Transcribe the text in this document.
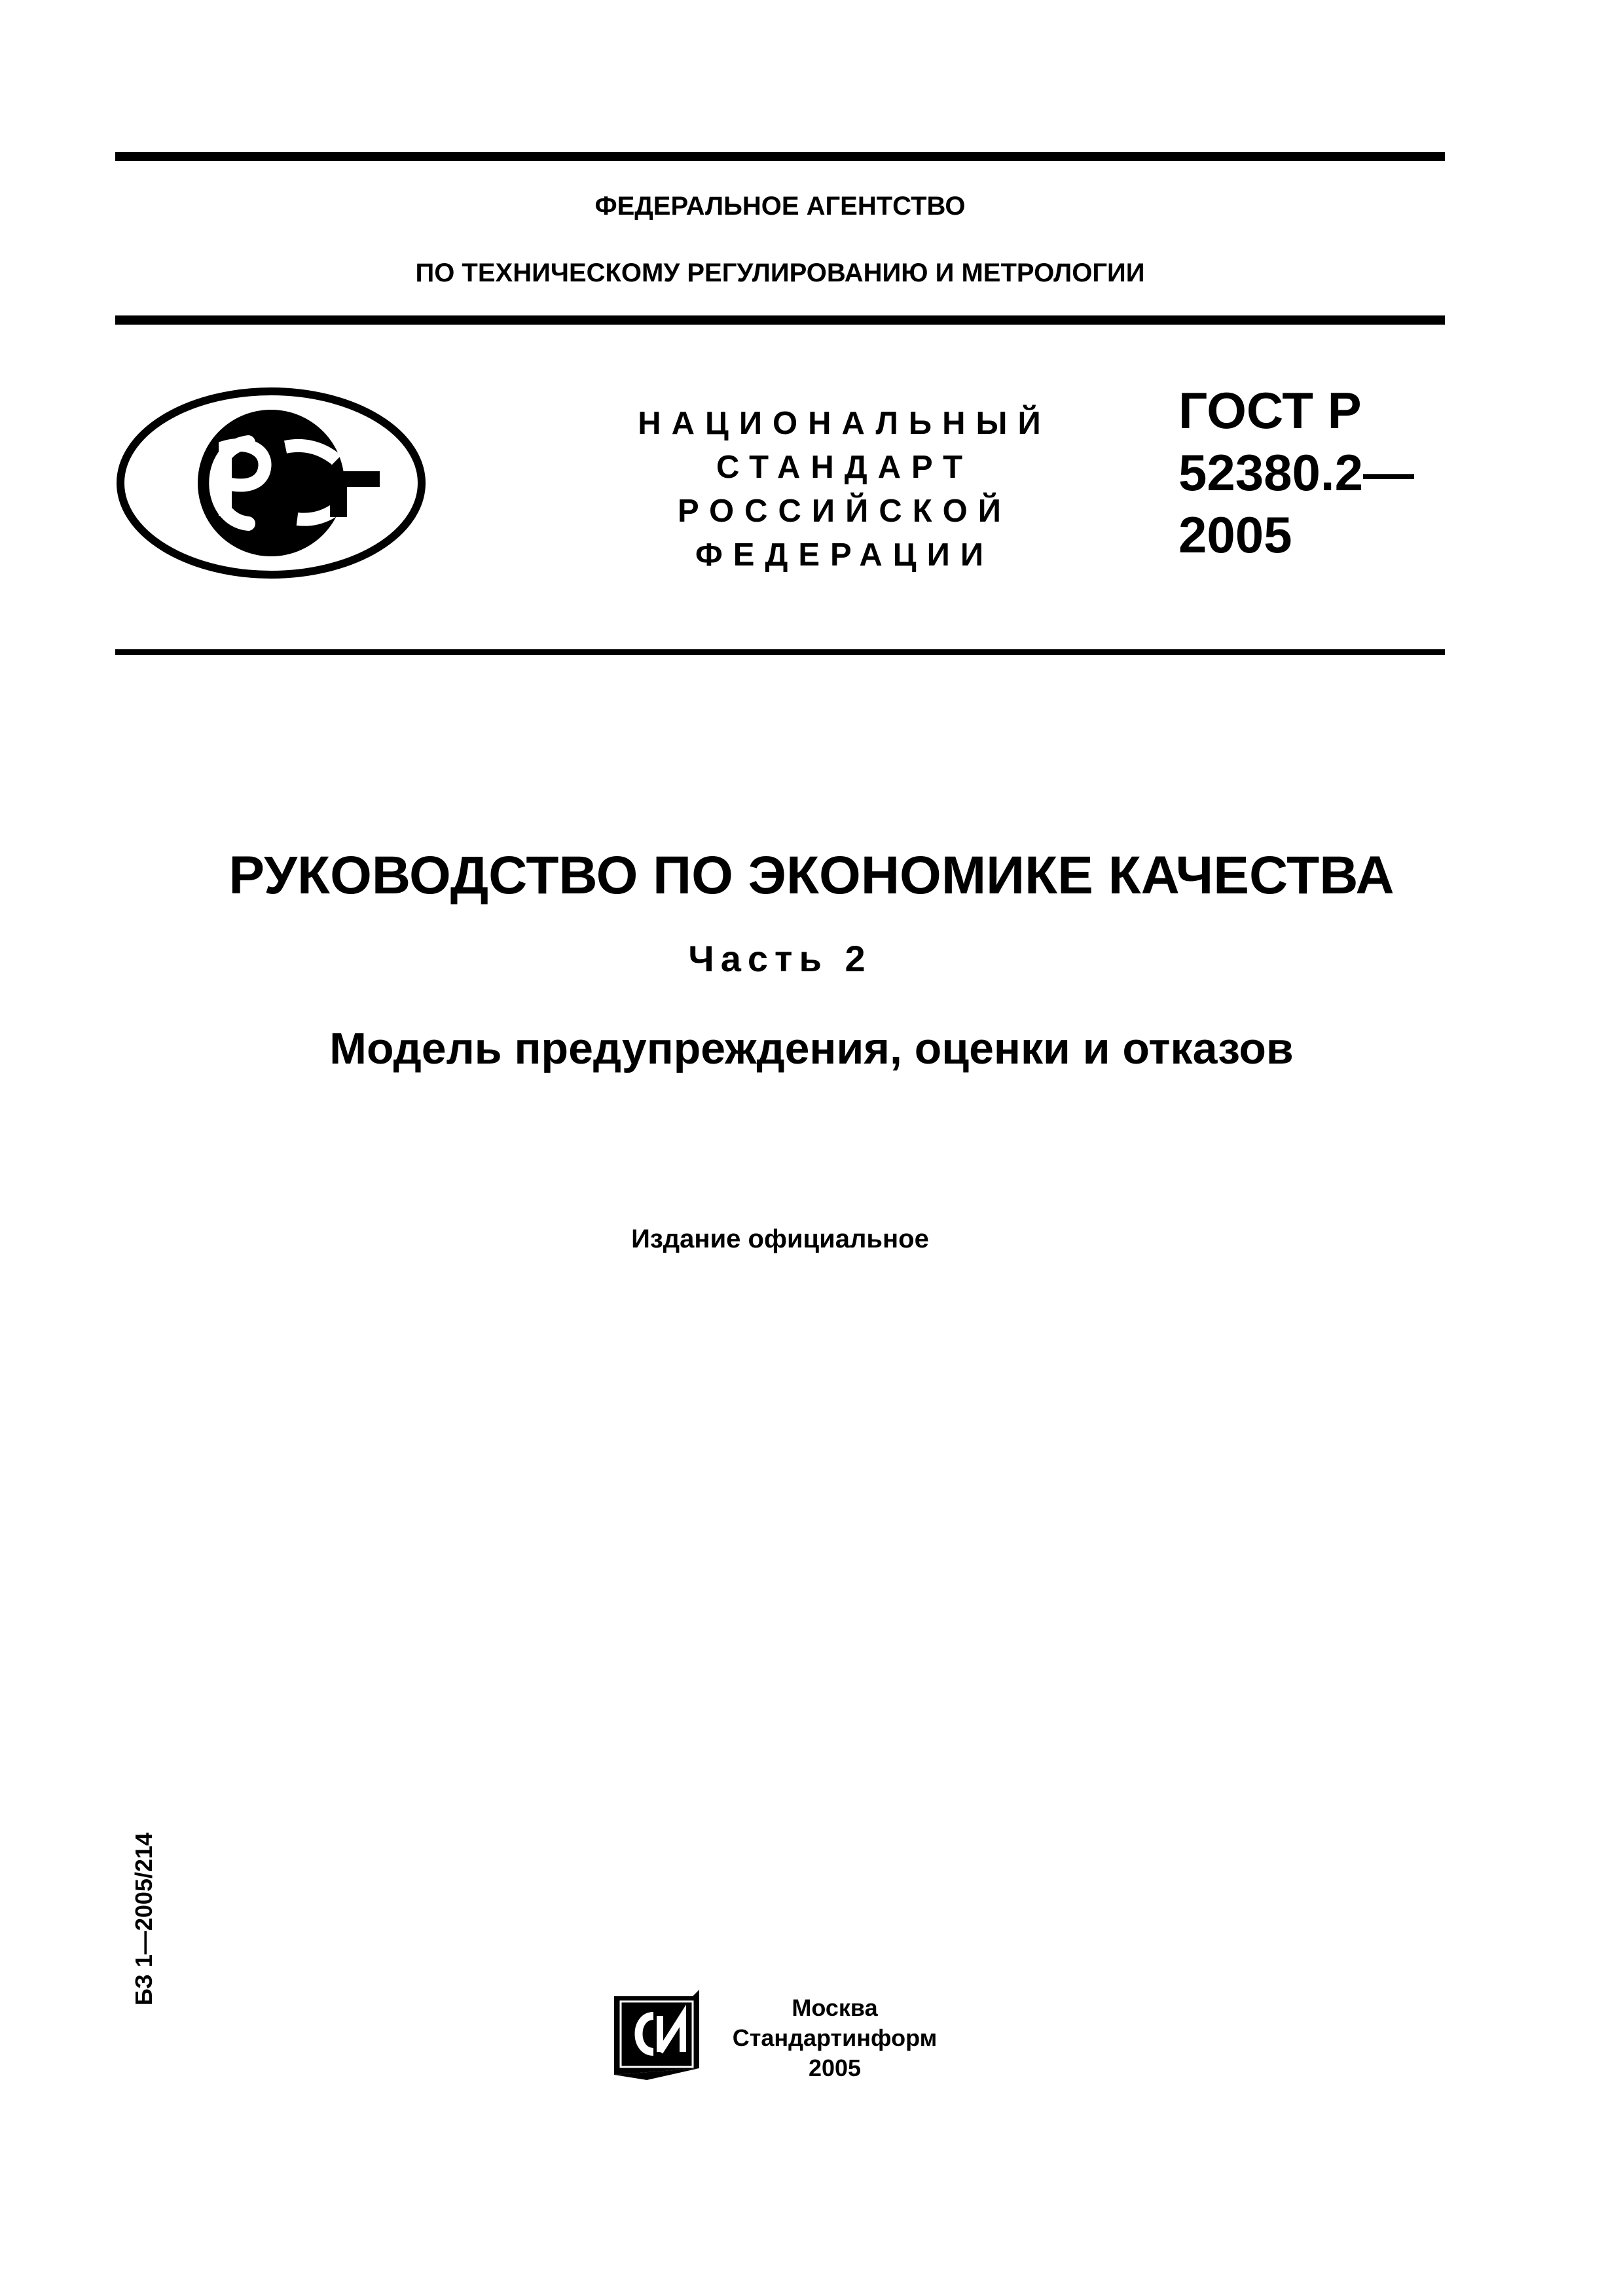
ФЕДЕРАЛЬНОЕ АГЕНТСТВО
ПО ТЕХНИЧЕСКОМУ РЕГУЛИРОВАНИЮ И МЕТРОЛОГИИ
НАЦИОНАЛЬНЫЙ
СТАНДАРТ
РОССИЙСКОЙ
ФЕДЕРАЦИИ
ГОСТ Р
52380.2—
2005
РУКОВОДСТВО ПО ЭКОНОМИКЕ КАЧЕСТВА
Часть 2
Модель предупреждения, оценки и отказов
Издание официальное
БЗ 1—2005/214
Москва
Стандартинформ
2005
